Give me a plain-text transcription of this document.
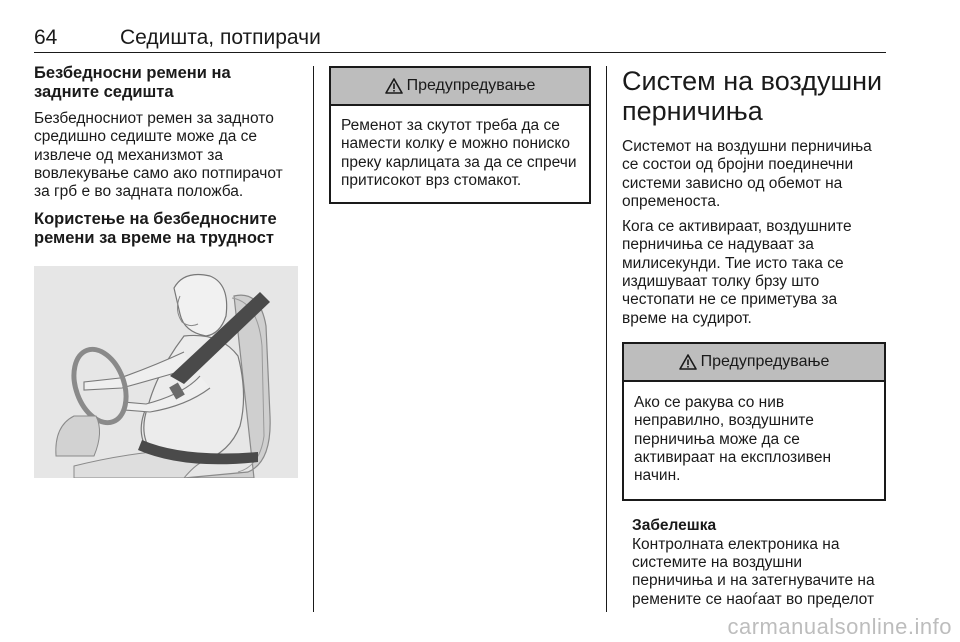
64	Седишта, потпирачи
Безбедносни ремени на задните седишта

Безбедносниот ремен за задното средишно седиште може да се извлече од механизмот за вовлекување само ако потпирачот за грб е во задната положба.

Користење на безбедносните ремени за време на трудност
Предупредување

Ременот за скутот треба да се намести колку е можно пониско преку карлицата за да се спречи притисокот врз стомакот.

Систем на воздушни перничиња

Системот на воздушни перничиња се состои од бројни поединечни системи зависно од обемот на опременоста.

Кога се активираат, воздушните перничиња се надуваат за милисекунди. Тие исто така се издишуваат толку брзу што честопати не се приметува за време на судирот.

Предупредување

Ако се ракува со нив неправилно, воздушните перничиња може да се активираат на експлозивен начин.

Забелешка

Контролната електроника на системите на воздушни перничиња и на затегнувачите на ремените се наоѓаат во пределот

carmanualsonline.info
